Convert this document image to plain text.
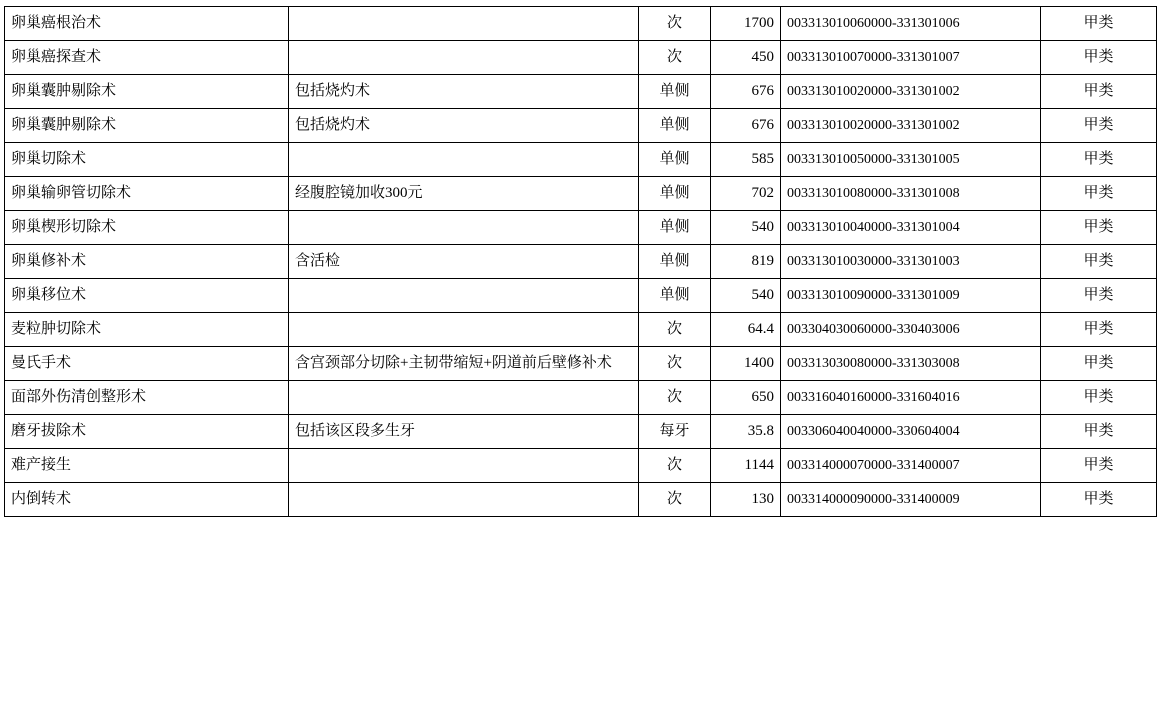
卵巢癌根治术		次	1700	003313010060000-331301006	甲类
卵巢癌探查术		次	450	003313010070000-331301007	甲类
卵巢囊肿剔除术	包括烧灼术	单侧	676	003313010020000-331301002	甲类
卵巢囊肿剔除术	包括烧灼术	单侧	676	003313010020000-331301002	甲类
卵巢切除术		单侧	585	003313010050000-331301005	甲类
卵巢输卵管切除术	经腹腔镜加收300元	单侧	702	003313010080000-331301008	甲类
卵巢楔形切除术		单侧	540	003313010040000-331301004	甲类
卵巢修补术	含活检	单侧	819	003313010030000-331301003	甲类
卵巢移位术		单侧	540	003313010090000-331301009	甲类
麦粒肿切除术		次	64.4	003304030060000-330403006	甲类
曼氏手术	含宫颈部分切除+主韧带缩短+阴道前后壁修补术	次	1400	003313030080000-331303008	甲类
面部外伤清创整形术		次	650	003316040160000-331604016	甲类
磨牙拔除术	包括该区段多生牙	每牙	35.8	003306040040000-330604004	甲类
难产接生		次	1144	003314000070000-331400007	甲类
内倒转术		次	130	003314000090000-331400009	甲类
